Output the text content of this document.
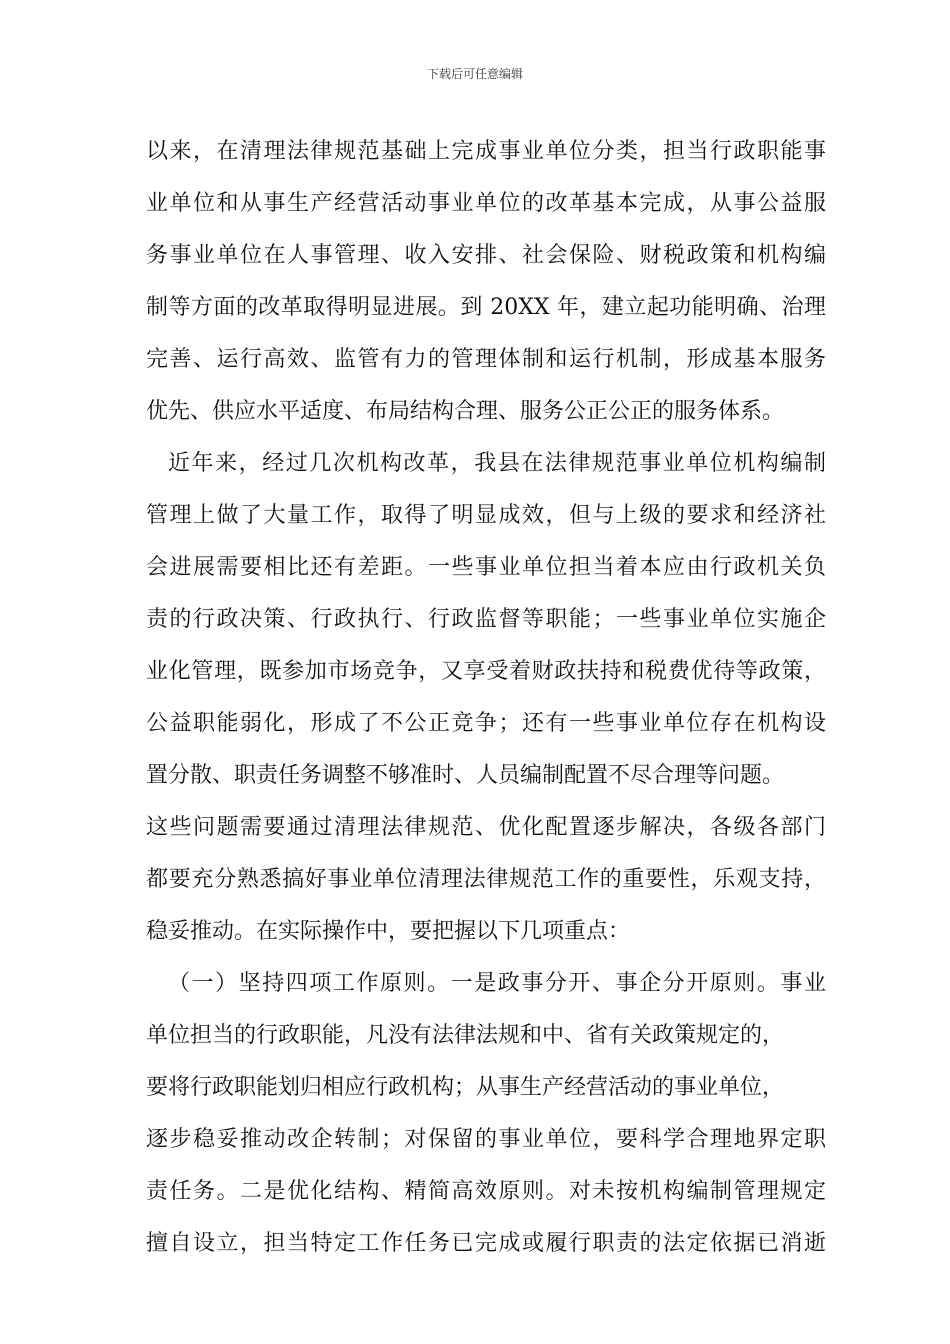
下载后可任意编辑
以来，在清理法律规范基础上完成事业单位分类，担当行政职能事
业单位和从事生产经营活动事业单位的改革基本完成，从事公益服
务事业单位在人事管理、收入安排、社会保险、财税政策和机构编
制等方面的改革取得明显进展。到 20XX 年，建立起功能明确、治理
完善、运行高效、监管有力的管理体制和运行机制，形成基本服务
优先、供应水平适度、布局结构合理、服务公正公正的服务体系。
近年来，经过几次机构改革，我县在法律规范事业单位机构编制
管理上做了大量工作，取得了明显成效，但与上级的要求和经济社
会进展需要相比还有差距。一些事业单位担当着本应由行政机关负
责的行政决策、行政执行、行政监督等职能；一些事业单位实施企
业化管理，既参加市场竞争，又享受着财政扶持和税费优待等政策，
公益职能弱化，形成了不公正竞争；还有一些事业单位存在机构设
置分散、职责任务调整不够准时、人员编制配置不尽合理等问题。
这些问题需要通过清理法律规范、优化配置逐步解决，各级各部门
都要充分熟悉搞好事业单位清理法律规范工作的重要性，乐观支持，
稳妥推动。在实际操作中，要把握以下几项重点：
（一）坚持四项工作原则。一是政事分开、事企分开原则。事业
单位担当的行政职能，凡没有法律法规和中、省有关政策规定的，
要将行政职能划归相应行政机构；从事生产经营活动的事业单位，
逐步稳妥推动改企转制；对保留的事业单位，要科学合理地界定职
责任务。二是优化结构、精简高效原则。对未按机构编制管理规定
擅自设立，担当特定工作任务已完成或履行职责的法定依据已消逝
